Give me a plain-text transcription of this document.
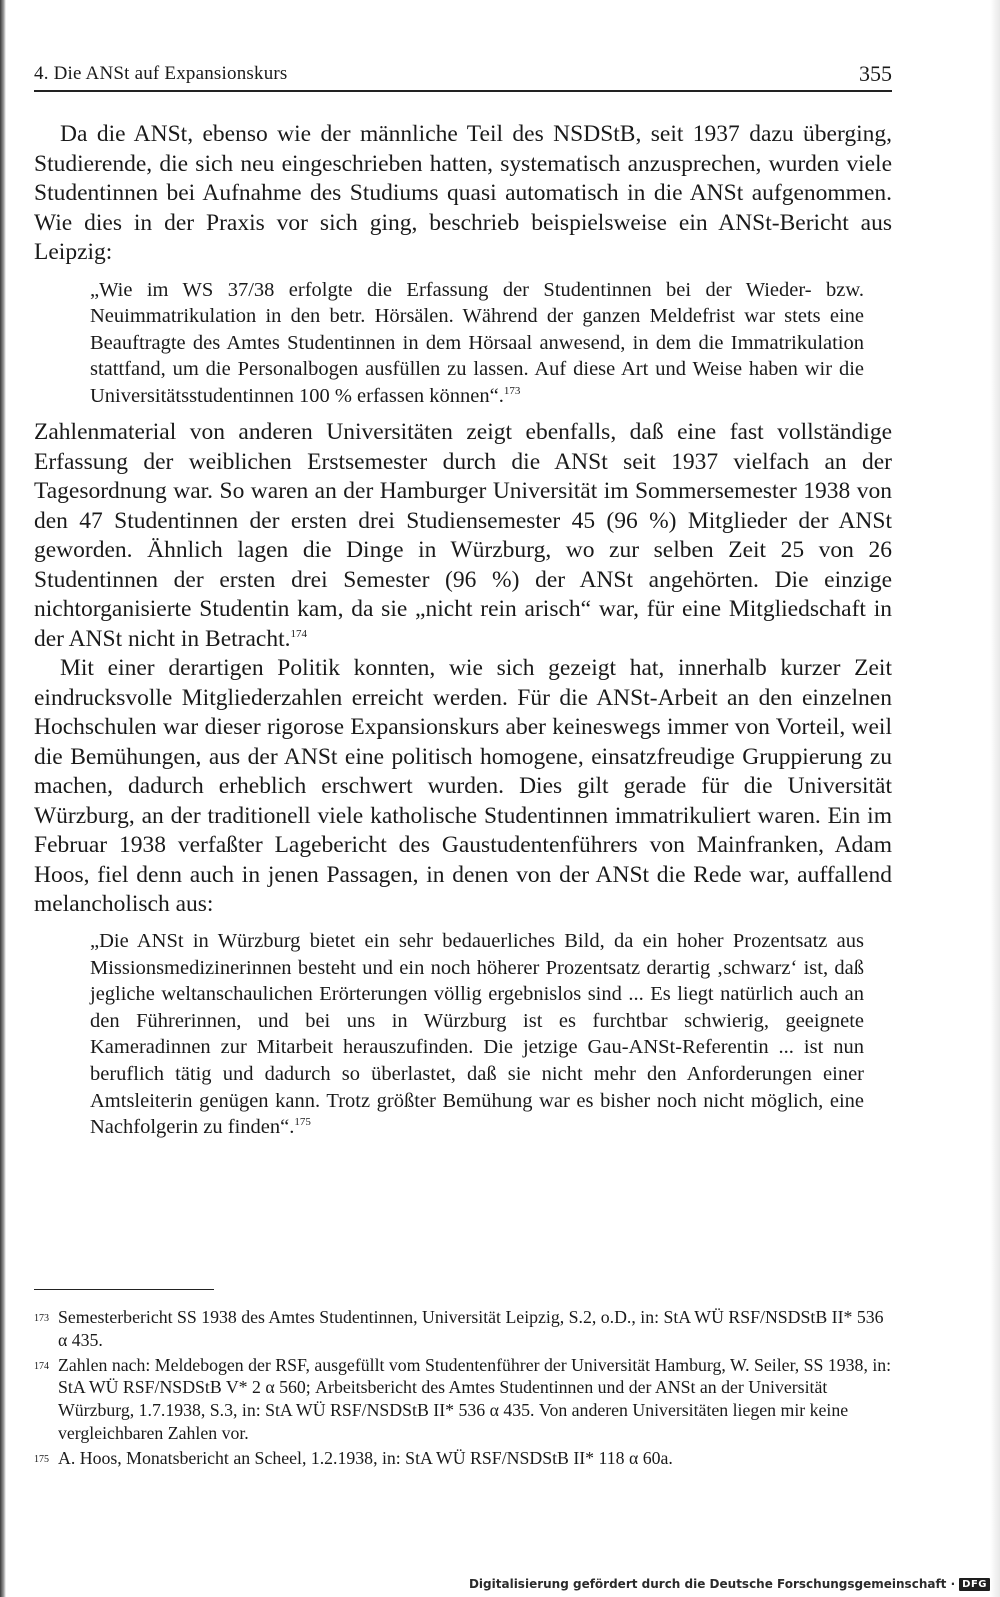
4. Die ANSt auf Expansionskurs	355

Da die ANSt, ebenso wie der männliche Teil des NSDStB, seit 1937 dazu überging, Studierende, die sich neu eingeschrieben hatten, systematisch anzusprechen, wurden viele Studentinnen bei Aufnahme des Studiums quasi automatisch in die ANSt aufgenommen. Wie dies in der Praxis vor sich ging, beschrieb beispielsweise ein ANSt-Bericht aus Leipzig:

„Wie im WS 37/38 erfolgte die Erfassung der Studentinnen bei der Wieder- bzw. Neuimmatrikulation in den betr. Hörsälen. Während der ganzen Meldefrist war stets eine Beauftragte des Amtes Studentinnen in dem Hörsaal anwesend, in dem die Immatrikulation stattfand, um die Personalbogen ausfüllen zu lassen. Auf diese Art und Weise haben wir die Universitätsstudentinnen 100 % erfassen können“.$^{173}$

Zahlenmaterial von anderen Universitäten zeigt ebenfalls, daß eine fast vollständige Erfassung der weiblichen Erstsemester durch die ANSt seit 1937 vielfach an der Tagesordnung war. So waren an der Hamburger Universität im Sommersemester 1938 von den 47 Studentinnen der ersten drei Studiensemester 45 (96 %) Mitglieder der ANSt geworden. Ähnlich lagen die Dinge in Würzburg, wo zur selben Zeit 25 von 26 Studentinnen der ersten drei Semester (96 %) der ANSt angehörten. Die einzige nichtorganisierte Studentin kam, da sie „nicht rein arisch“ war, für eine Mitgliedschaft in der ANSt nicht in Betracht.$^{174}$

Mit einer derartigen Politik konnten, wie sich gezeigt hat, innerhalb kurzer Zeit eindrucksvolle Mitgliederzahlen erreicht werden. Für die ANSt-Arbeit an den einzelnen Hochschulen war dieser rigorose Expansionskurs aber keineswegs immer von Vorteil, weil die Bemühungen, aus der ANSt eine politisch homogene, einsatzfreudige Gruppierung zu machen, dadurch erheblich erschwert wurden. Dies gilt gerade für die Universität Würzburg, an der traditionell viele katholische Studentinnen immatrikuliert waren. Ein im Februar 1938 verfaßter Lagebericht des Gaustudentenführers von Mainfranken, Adam Hoos, fiel denn auch in jenen Passagen, in denen von der ANSt die Rede war, auffallend melancholisch aus:

„Die ANSt in Würzburg bietet ein sehr bedauerliches Bild, da ein hoher Prozentsatz aus Missionsmedizinerinnen besteht und ein noch höherer Prozentsatz derartig ‚schwarz‘ ist, daß jegliche weltanschaulichen Erörterungen völlig ergebnislos sind ... Es liegt natürlich auch an den Führerinnen, und bei uns in Würzburg ist es furchtbar schwierig, geeignete Kameradinnen zur Mitarbeit herauszufinden. Die jetzige Gau-ANSt-Referentin ... ist nun beruflich tätig und dadurch so überlastet, daß sie nicht mehr den Anforderungen einer Amtsleiterin genügen kann. Trotz größter Bemühung war es bisher noch nicht möglich, eine Nachfolgerin zu finden“.$^{175}$

173 Semesterbericht SS 1938 des Amtes Studentinnen, Universität Leipzig, S.2, o.D., in: StA WÜ RSF/NSDStB II* 536 α 435.
174 Zahlen nach: Meldebogen der RSF, ausgefüllt vom Studentenführer der Universität Hamburg, W. Seiler, SS 1938, in: StA WÜ RSF/NSDStB V* 2 α 560; Arbeitsbericht des Amtes Studentinnen und der ANSt an der Universität Würzburg, 1.7.1938, S.3, in: StA WÜ RSF/NSDStB II* 536 α 435. Von anderen Universitäten liegen mir keine vergleichbaren Zahlen vor.
175 A. Hoos, Monatsbericht an Scheel, 1.2.1938, in: StA WÜ RSF/NSDStB II* 118 α 60a.
Digitalisierung gefördert durch die Deutsche Forschungsgemeinschaft · DFG
